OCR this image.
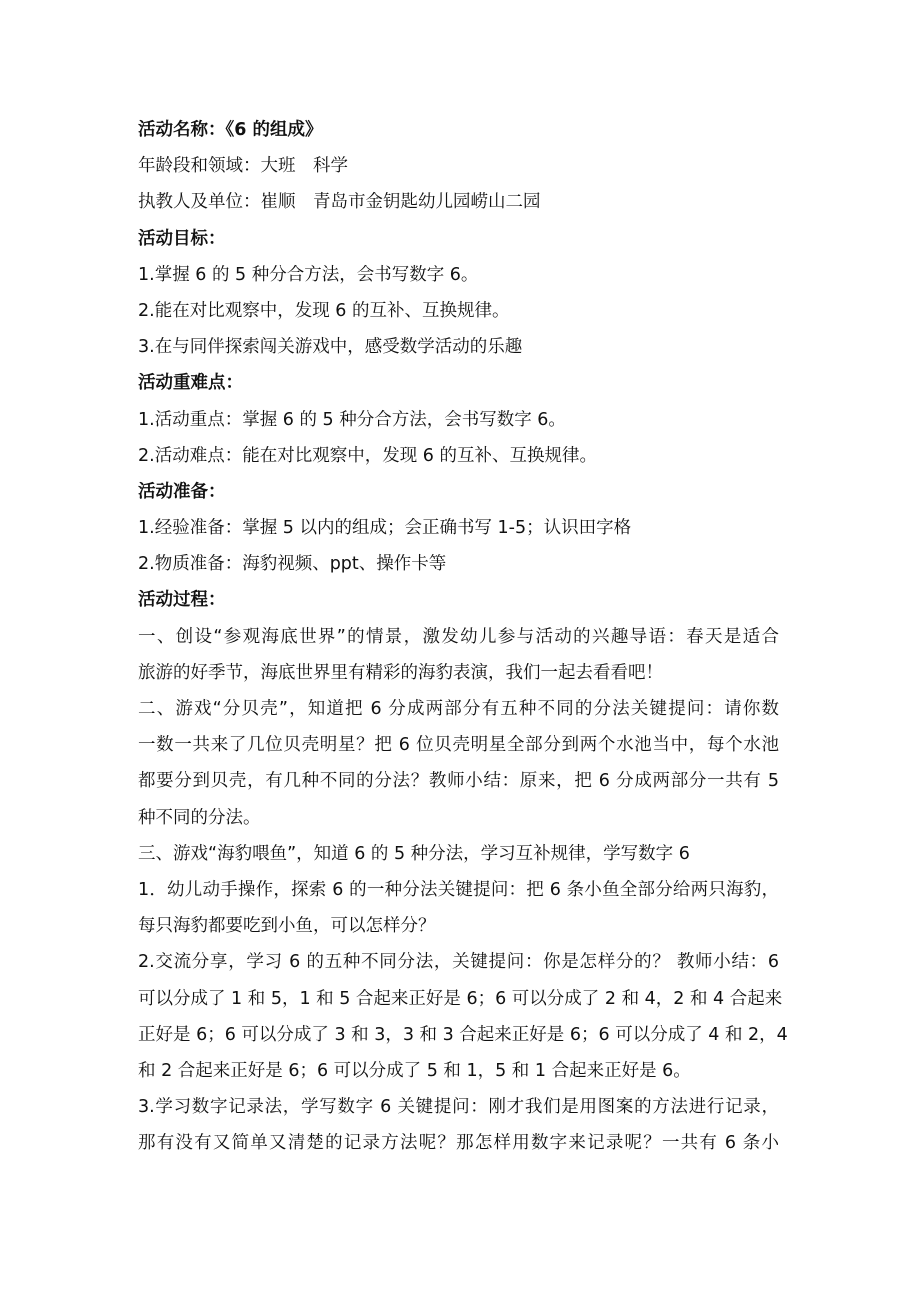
活动名称：《6 的组成》
年龄段和领域：大班　科学
执教人及单位：崔顺　青岛市金钥匙幼儿园崂山二园
活动目标：
1.掌握 6 的 5 种分合方法，会书写数字 6。
2.能在对比观察中，发现 6 的互补、互换规律。
3.在与同伴探索闯关游戏中，感受数学活动的乐趣
活动重难点：
1.活动重点：掌握 6 的 5 种分合方法，会书写数字 6。
2.活动难点：能在对比观察中，发现 6 的互补、互换规律。
活动准备：
1.经验准备：掌握 5 以内的组成；会正确书写 1-5；认识田字格
2.物质准备：海豹视频、ppt、操作卡等
活动过程：
一、创设“参观海底世界”的情景，激发幼儿参与活动的兴趣导语：春天是适合
旅游的好季节，海底世界里有精彩的海豹表演，我们一起去看看吧！
二、游戏“分贝壳”，知道把 6 分成两部分有五种不同的分法关键提问：请你数
一数一共来了几位贝壳明星？把 6 位贝壳明星全部分到两个水池当中，每个水池
都要分到贝壳，有几种不同的分法？教师小结：原来，把 6 分成两部分一共有 5
种不同的分法。
三、游戏“海豹喂鱼”，知道 6 的 5 种分法，学习互补规律，学写数字 6
1．幼儿动手操作，探索 6 的一种分法关键提问：把 6 条小鱼全部分给两只海豹，
每只海豹都要吃到小鱼，可以怎样分？
2.交流分享，学习 6 的五种不同分法，关键提问：你是怎样分的？ 教师小结：6
可以分成了 1 和 5，1 和 5 合起来正好是 6；6 可以分成了 2 和 4，2 和 4 合起来
正好是 6；6 可以分成了 3 和 3，3 和 3 合起来正好是 6；6 可以分成了 4 和 2，4
和 2 合起来正好是 6；6 可以分成了 5 和 1，5 和 1 合起来正好是 6。
3.学习数字记录法，学写数字 6 关键提问：刚才我们是用图案的方法进行记录，
那有没有又简单又清楚的记录方法呢？那怎样用数字来记录呢？一共有 6 条小
